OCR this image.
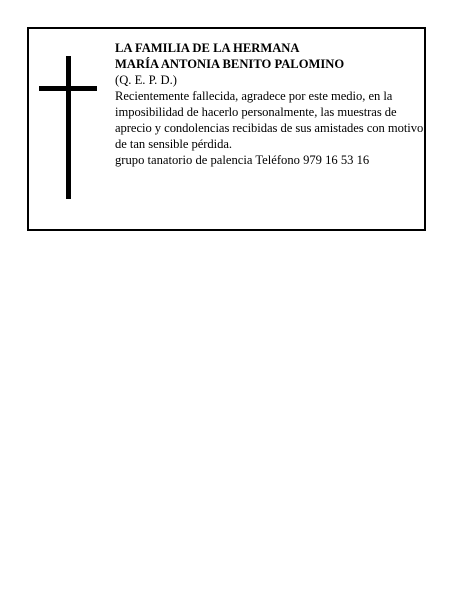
LA FAMILIA DE LA HERMANA
MARÍA ANTONIA BENITO PALOMINO
(Q. E. P. D.)
Recientemente fallecida, agradece por este medio, en la imposibilidad de hacerlo personalmente, las muestras de aprecio y condolencias recibidas de sus amistades con motivo de tan sensible pérdida.
grupo tanatorio de palencia Teléfono 979 16 53 16
